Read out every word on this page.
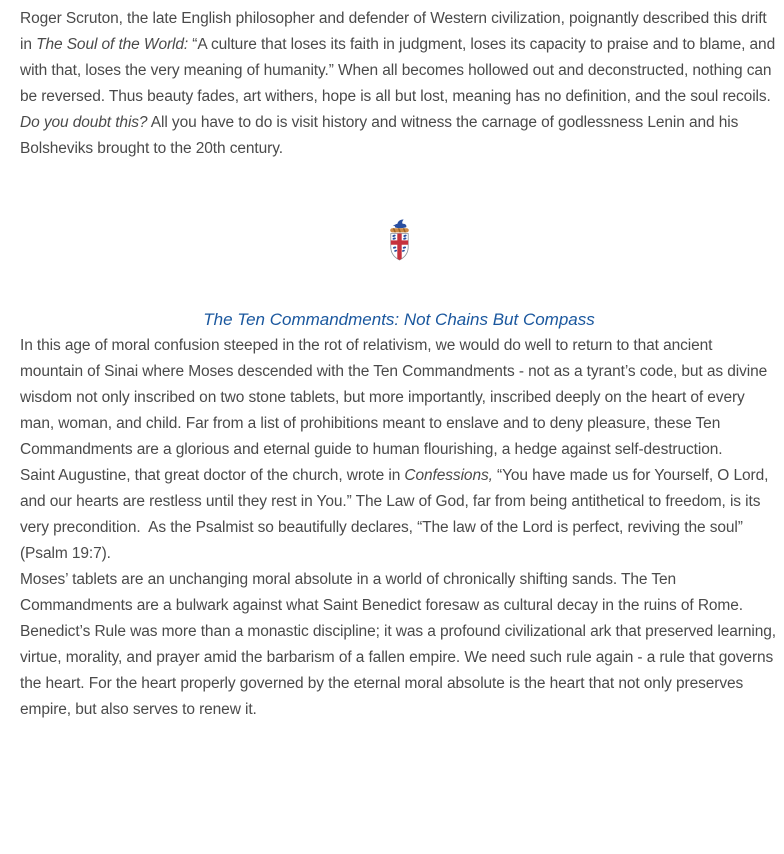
Roger Scruton, the late English philosopher and defender of Western civilization, poignantly described this drift in The Soul of the World: “A culture that loses its faith in judgment, loses its capacity to praise and to blame, and with that, loses the very meaning of humanity.” When all becomes hollowed out and deconstructed, nothing can be reversed. Thus beauty fades, art withers, hope is all but lost, meaning has no definition, and the soul recoils. Do you doubt this? All you have to do is visit history and witness the carnage of godlessness Lenin and his Bolsheviks brought to the 20th century.

The Ten Commandments: Not Chains But Compass

In this age of moral confusion steeped in the rot of relativism, we would do well to return to that ancient mountain of Sinai where Moses descended with the Ten Commandments - not as a tyrant’s code, but as divine wisdom not only inscribed on two stone tablets, but more importantly, inscribed deeply on the heart of every man, woman, and child. Far from a list of prohibitions meant to enslave and to deny pleasure, these Ten Commandments are a glorious and eternal guide to human flourishing, a hedge against self-destruction.

Saint Augustine, that great doctor of the church, wrote in Confessions, “You have made us for Yourself, O Lord, and our hearts are restless until they rest in You.” The Law of God, far from being antithetical to freedom, is its very precondition.  As the Psalmist so beautifully declares, “The law of the Lord is perfect, reviving the soul” (Psalm 19:7).

Moses’ tablets are an unchanging moral absolute in a world of chronically shifting sands. The Ten Commandments are a bulwark against what Saint Benedict foresaw as cultural decay in the ruins of Rome. Benedict’s Rule was more than a monastic discipline; it was a profound civilizational ark that preserved learning, virtue, morality, and prayer amid the barbarism of a fallen empire. We need such rule again - a rule that governs the heart. For the heart properly governed by the eternal moral absolute is the heart that not only preserves empire, but also serves to renew it.
